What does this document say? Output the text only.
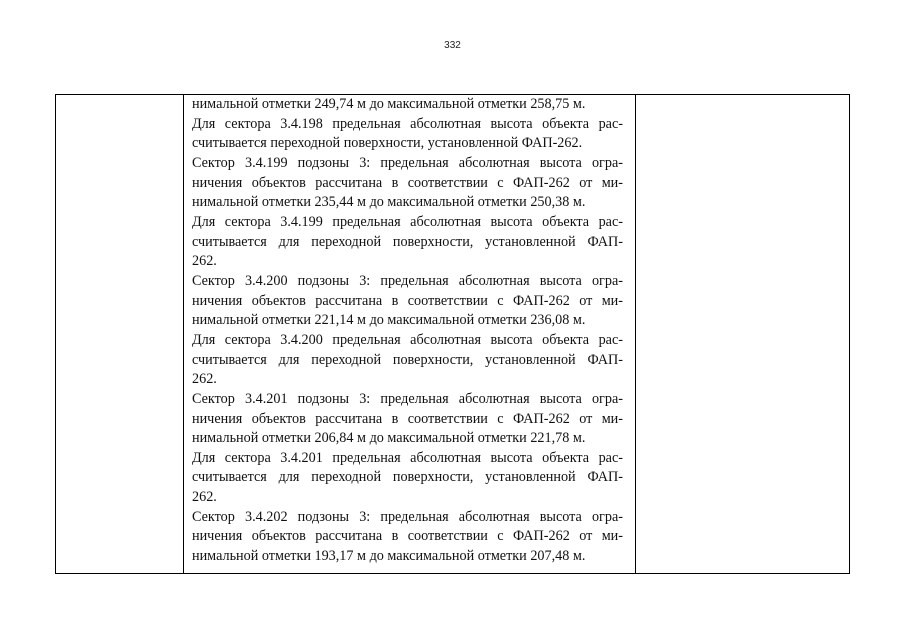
332
нимальной отметки 249,74 м до максимальной отметки 258,75 м.
Для сектора 3.4.198 предельная абсолютная высота объекта рас-
считывается переходной поверхности, установленной ФАП-262.
Сектор 3.4.199 подзоны 3: предельная абсолютная высота огра-
ничения объектов рассчитана в соответствии с ФАП-262 от ми-
нимальной отметки 235,44 м до максимальной отметки 250,38 м.
Для сектора 3.4.199 предельная абсолютная высота объекта рас-
считывается для переходной поверхности, установленной ФАП-
262.
Сектор 3.4.200 подзоны 3: предельная абсолютная высота огра-
ничения объектов рассчитана в соответствии с ФАП-262 от ми-
нимальной отметки 221,14 м до максимальной отметки 236,08 м.
Для сектора 3.4.200 предельная абсолютная высота объекта рас-
считывается для переходной поверхности, установленной ФАП-
262.
Сектор 3.4.201 подзоны 3: предельная абсолютная высота огра-
ничения объектов рассчитана в соответствии с ФАП-262 от ми-
нимальной отметки 206,84 м до максимальной отметки 221,78 м.
Для сектора 3.4.201 предельная абсолютная высота объекта рас-
считывается для переходной поверхности, установленной ФАП-
262.
Сектор 3.4.202 подзоны 3: предельная абсолютная высота огра-
ничения объектов рассчитана в соответствии с ФАП-262 от ми-
нимальной отметки 193,17 м до максимальной отметки 207,48 м.
